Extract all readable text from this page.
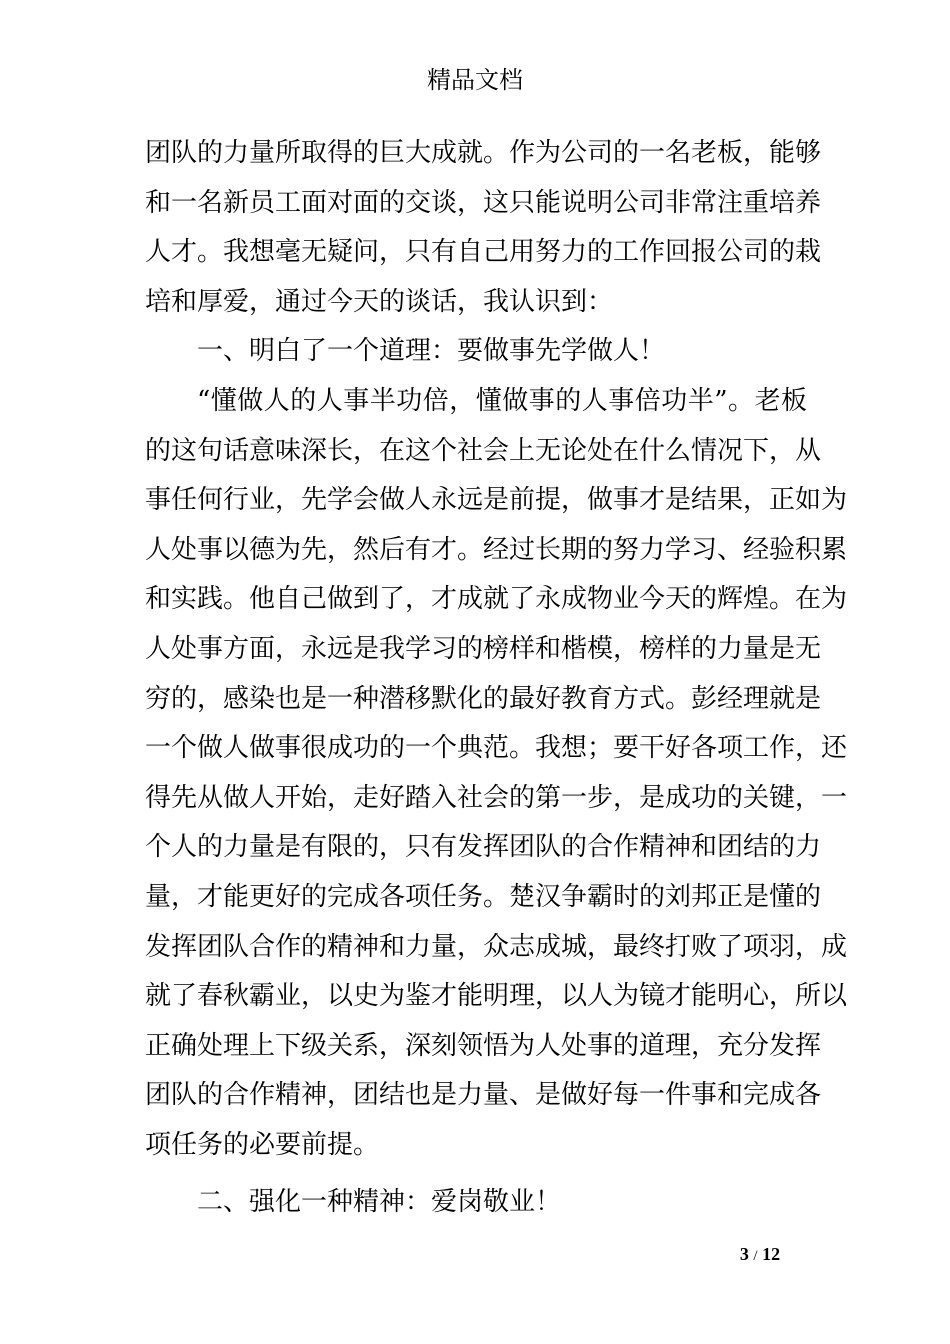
精品文档
团队的力量所取得的巨大成就。作为公司的一名老板，能够
和一名新员工面对面的交谈，这只能说明公司非常注重培养
人才。我想毫无疑问，只有自己用努力的工作回报公司的栽
培和厚爱，通过今天的谈话，我认识到：
一、明白了一个道理：要做事先学做人！
“懂做人的人事半功倍，懂做事的人事倍功半”。老板
的这句话意味深长，在这个社会上无论处在什么情况下，从
事任何行业，先学会做人永远是前提，做事才是结果，正如为
人处事以德为先，然后有才。经过长期的努力学习、经验积累
和实践。他自己做到了，才成就了永成物业今天的辉煌。在为
人处事方面，永远是我学习的榜样和楷模，榜样的力量是无
穷的，感染也是一种潜移默化的最好教育方式。彭经理就是
一个做人做事很成功的一个典范。我想；要干好各项工作，还
得先从做人开始，走好踏入社会的第一步，是成功的关键，一
个人的力量是有限的，只有发挥团队的合作精神和团结的力
量，才能更好的完成各项任务。楚汉争霸时的刘邦正是懂的
发挥团队合作的精神和力量，众志成城，最终打败了项羽，成
就了春秋霸业，以史为鉴才能明理，以人为镜才能明心，所以
正确处理上下级关系，深刻领悟为人处事的道理，充分发挥
团队的合作精神，团结也是力量、是做好每一件事和完成各
项任务的必要前提。
二、强化一种精神：爱岗敬业！
3 / 12
